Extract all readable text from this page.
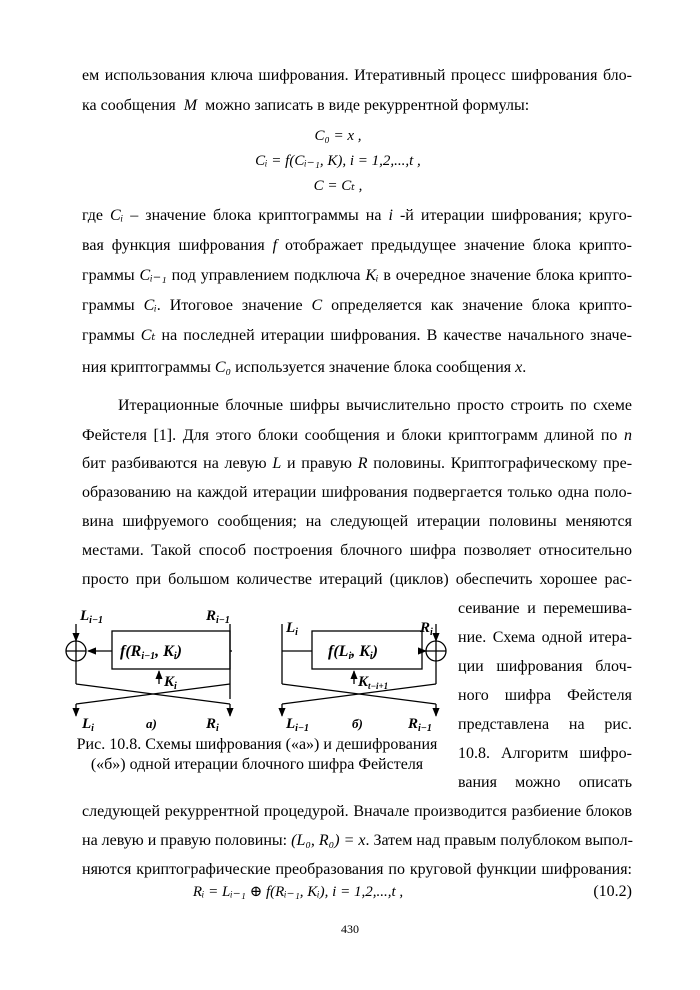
ем использования ключа шифрования. Итеративный процесс шифрования бло-
ка сообщения M можно записать в виде рекуррентной формулы:
C₀ = x ,
Cᵢ = f(Cᵢ₋₁, K), i = 1,2,...,t ,
C = Cₜ ,
где Cᵢ – значение блока криптограммы на i -й итерации шифрования; круго-
вая функция шифрования f отображает предыдущее значение блока крипто-
граммы Cᵢ₋₁ под управлением подключа Kᵢ в очередное значение блока крипто-
граммы Cᵢ. Итоговое значение C определяется как значение блока крипто-
граммы Cₜ на последней итерации шифрования. В качестве начального значе-
ния криптограммы C₀ используется значение блока сообщения x.
Итерационные блочные шифры вычислительно просто строить по схеме
Фейстеля [1]. Для этого блоки сообщения и блоки криптограмм длиной по n
бит разбиваются на левую L и правую R половины. Криптографическому пре-
образованию на каждой итерации шифрования подвергается только одна поло-
вина шифруемого сообщения; на следующей итерации половины меняются
местами. Такой способ построения блочного шифра позволяет относительно
просто при большом количестве итераций (циклов) обеспечить хорошее рас-
сеивание и перемешива-
ние. Схема одной итера-
ции шифрования блоч-
ного шифра Фейстеля
представлена на рис.
10.8. Алгоритм шифро-
вания можно описать
$L_{i-1}$	$R_{i-1}$
f(Ri−1, Ki)
$K_i$
$L_i$	$R_i$
а)
$L_i$	$R_i$
f(Li, Ki)
$K_{t-i+1}$
$L_{i-1}$	$R_{i-1}$
б)
Рис. 10.8. Схемы шифрования («а») и дешифрования
(«б») одной итерации блочного шифра Фейстеля
следующей рекуррентной процедурой. Вначале производится разбиение блоков
на левую и правую половины: (L₀, R₀) = x. Затем над правым полублоком выпол-
няются криптографические преобразования по круговой функции шифрования:
Rᵢ = Lᵢ₋₁ ⊕ f(Rᵢ₋₁, Kᵢ), i = 1,2,...,t ,	(10.2)
430
